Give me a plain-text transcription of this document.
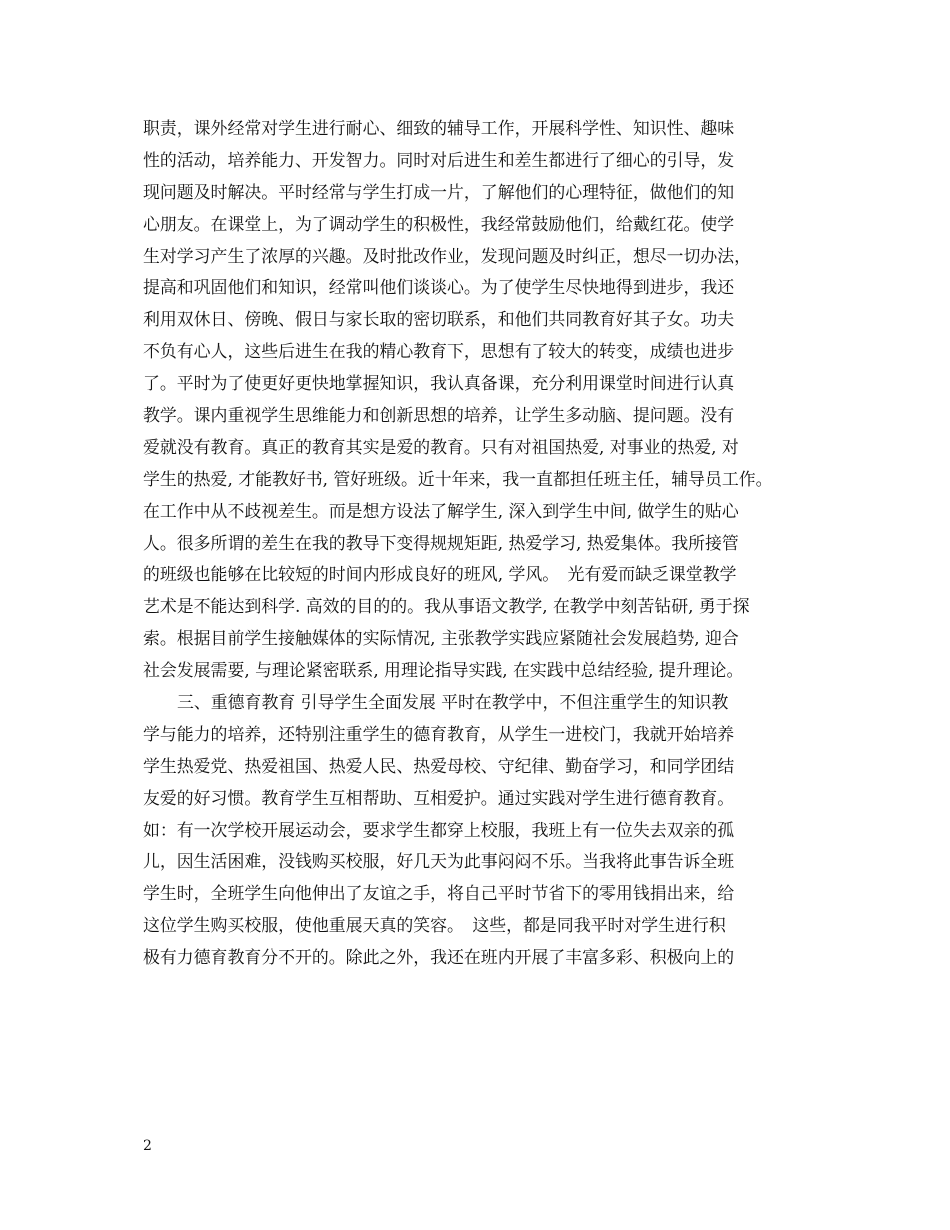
职责，课外经常对学生进行耐心、细致的辅导工作，开展科学性、知识性、趣味
性的活动，培养能力、开发智力。同时对后进生和差生都进行了细心的引导，发
现问题及时解决。平时经常与学生打成一片，了解他们的心理特征，做他们的知
心朋友。在课堂上，为了调动学生的积极性，我经常鼓励他们，给戴红花。使学
生对学习产生了浓厚的兴趣。及时批改作业，发现问题及时纠正，想尽一切办法，
提高和巩固他们和知识，经常叫他们谈谈心。为了使学生尽快地得到进步，我还
利用双休日、傍晚、假日与家长取的密切联系，和他们共同教育好其子女。功夫
不负有心人，这些后进生在我的精心教育下，思想有了较大的转变，成绩也进步
了。平时为了使更好更快地掌握知识，我认真备课，充分利用课堂时间进行认真
教学。课内重视学生思维能力和创新思想的培养，让学生多动脑、提问题。没有
爱就没有教育。真正的教育其实是爱的教育。只有对祖国热爱, 对事业的热爱, 对
学生的热爱, 才能教好书, 管好班级。近十年来，我一直都担任班主任，辅导员工作。
在工作中从不歧视差生。而是想方设法了解学生, 深入到学生中间, 做学生的贴心
人。很多所谓的差生在我的教导下变得规规矩距, 热爱学习, 热爱集体。我所接管
的班级也能够在比较短的时间内形成良好的班风, 学风。　光有爱而缺乏课堂教学
艺术是不能达到科学. 高效的目的的。我从事语文教学, 在教学中刻苦钻研, 勇于探
索。根据目前学生接触媒体的实际情况, 主张教学实践应紧随社会发展趋势, 迎合
社会发展需要, 与理论紧密联系, 用理论指导实践, 在实践中总结经验, 提升理论。
三、重德育教育 引导学生全面发展 平时在教学中，不但注重学生的知识教
学与能力的培养，还特别注重学生的德育教育，从学生一进校门，我就开始培养
学生热爱党、热爱祖国、热爱人民、热爱母校、守纪律、勤奋学习，和同学团结
友爱的好习惯。教育学生互相帮助、互相爱护。通过实践对学生进行德育教育。
如：有一次学校开展运动会，要求学生都穿上校服，我班上有一位失去双亲的孤
儿，因生活困难，没钱购买校服，好几天为此事闷闷不乐。当我将此事告诉全班
学生时，全班学生向他伸出了友谊之手，将自己平时节省下的零用钱捐出来，给
这位学生购买校服，使他重展天真的笑容。　这些，都是同我平时对学生进行积
极有力德育教育分不开的。除此之外，我还在班内开展了丰富多彩、积极向上的
2
